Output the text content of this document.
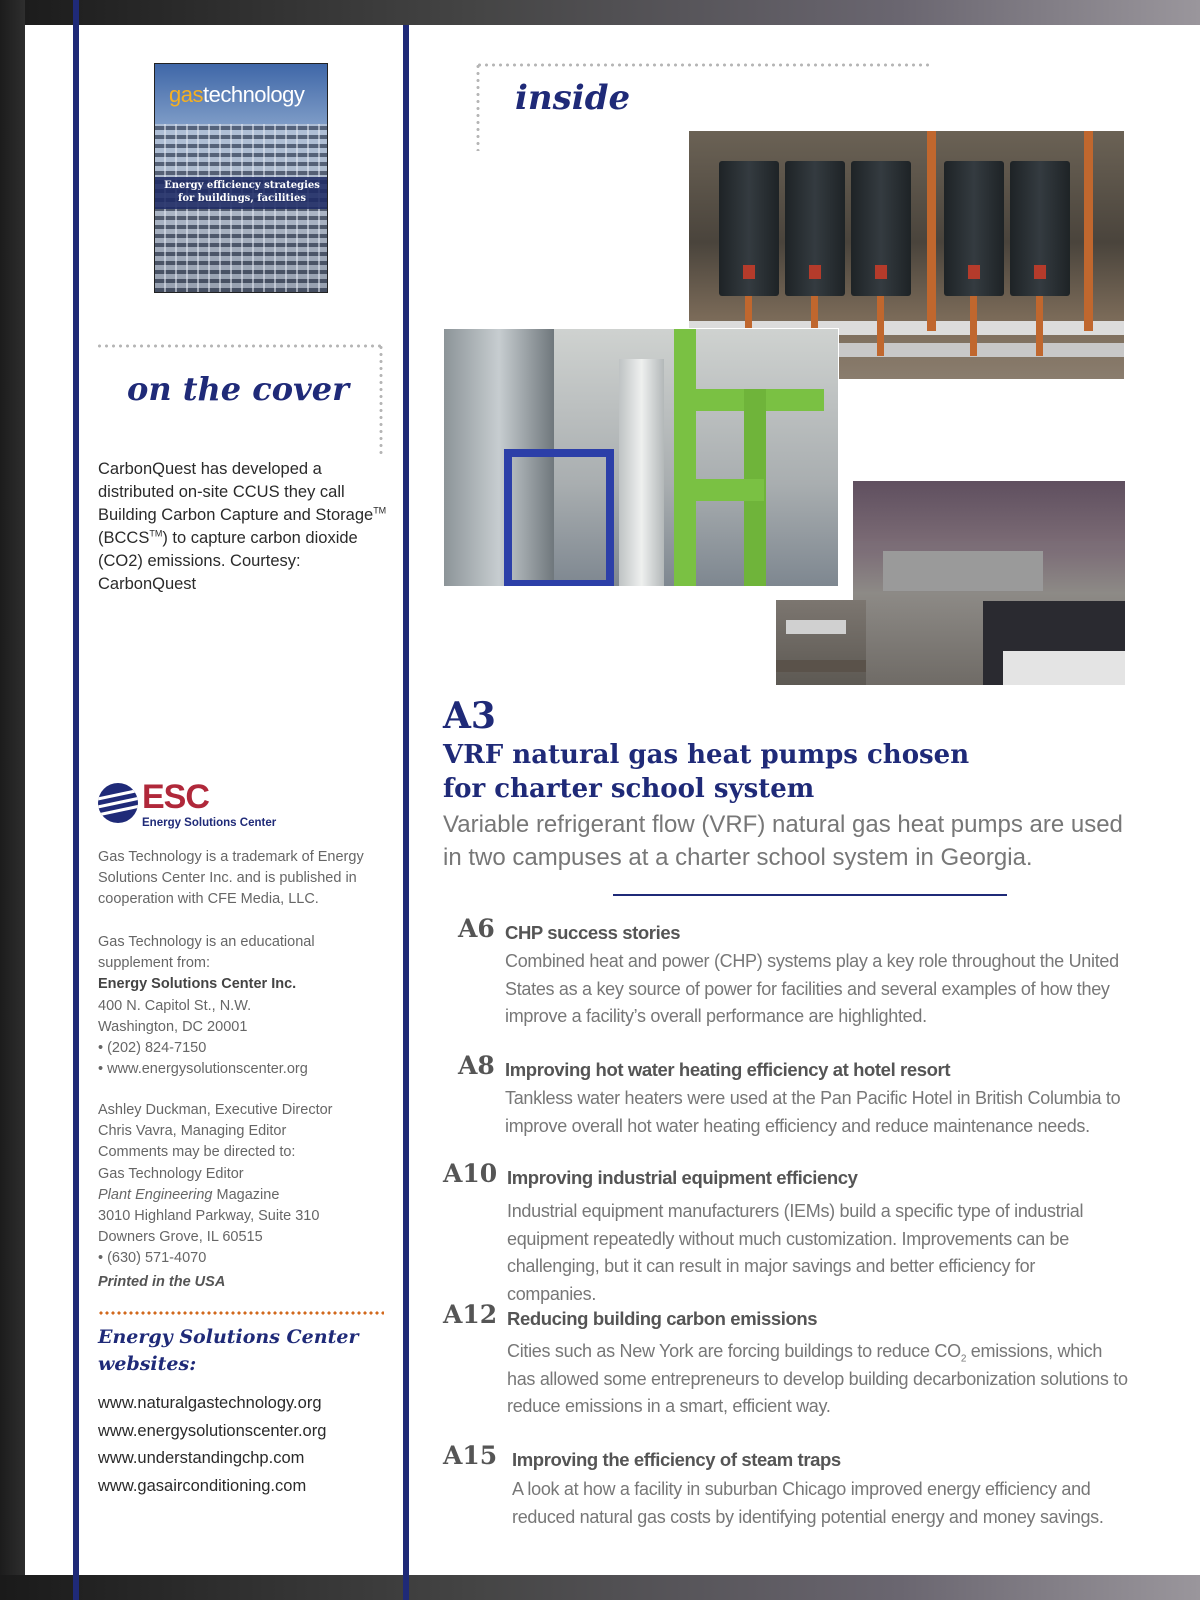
gastechnology
Energy efficiency strategies for buildings, facilities
inside
on the cover
CarbonQuest has developed a distributed on-site CCUS they call Building Carbon Capture and Storage™ (BCCS™) to capture carbon dioxide (CO2) emissions. Courtesy: CarbonQuest
ESC
Energy Solutions Center
Gas Technology is a trademark of Energy Solutions Center Inc. and is published in cooperation with CFE Media, LLC.
Gas Technology is an educational supplement from:
Energy Solutions Center Inc.
400 N. Capitol St., N.W.
Washington, DC 20001
• (202) 824-7150
• www.energysolutionscenter.org
Ashley Duckman, Executive Director
Chris Vavra, Managing Editor
Comments may be directed to:
Gas Technology Editor
Plant Engineering Magazine
3010 Highland Parkway, Suite 310
Downers Grove, IL 60515
• (630) 571-4070
Printed in the USA
Energy Solutions Center websites:
www.naturalgastechnology.org
www.energysolutionscenter.org
www.understandingchp.com
www.gasairconditioning.com
A3
VRF natural gas heat pumps chosen for charter school system
Variable refrigerant flow (VRF) natural gas heat pumps are used in two campuses at a charter school system in Georgia.
A6 CHP success stories
Combined heat and power (CHP) systems play a key role throughout the United States as a key source of power for facilities and several examples of how they improve a facility’s overall performance are highlighted.
A8 Improving hot water heating efficiency at hotel resort
Tankless water heaters were used at the Pan Pacific Hotel in British Columbia to improve overall hot water heating efficiency and reduce maintenance needs.
A10 Improving industrial equipment efficiency
Industrial equipment manufacturers (IEMs) build a specific type of industrial equipment repeatedly without much customization. Improvements can be challenging, but it can result in major savings and better efficiency for companies.
A12 Reducing building carbon emissions
Cities such as New York are forcing buildings to reduce $CO_2$ emissions, which has allowed some entrepreneurs to develop building decarbonization solutions to reduce emissions in a smart, efficient way.
A15 Improving the efficiency of steam traps
A look at how a facility in suburban Chicago improved energy efficiency and reduced natural gas costs by identifying potential energy and money savings.
